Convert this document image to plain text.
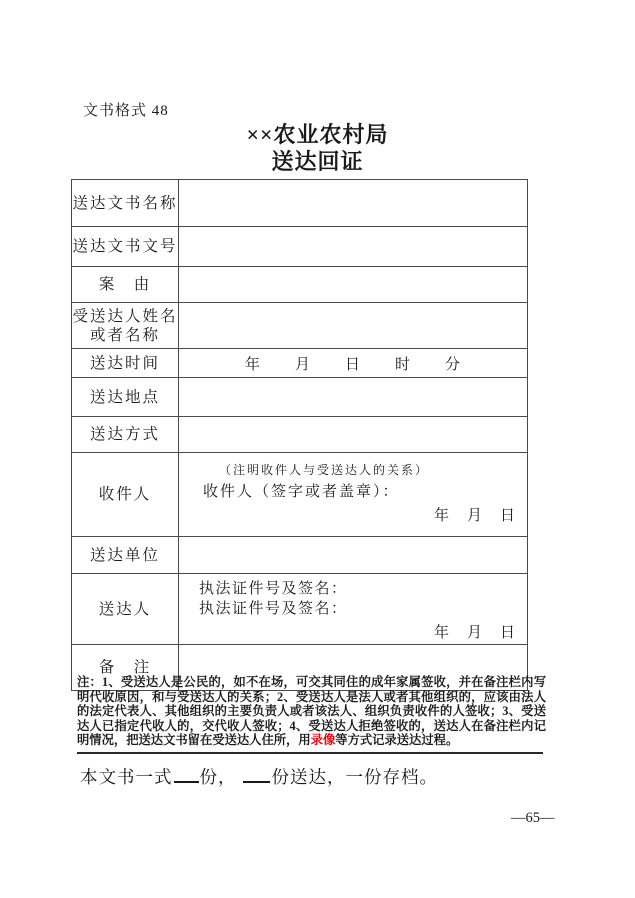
文书格式 48
××农业农村局
送达回证
送达文书名称	
送达文书文号	
案　由	

受送达人姓名
或者名称	

送达时间	年 月 日 时 分
送达地点	
送达方式	
收件人	（注明收件人与受送达人的关系）
收件人（签字或者盖章）：
年 月 日

送达单位	
送达人	执法证件号及签名：
执法证件号及签名：
年 月 日

备　注	
注：1、受送达人是公民的，如不在场，可交其同住的成年家属签收，并在备注栏内写明代收原因，和与受送达人的关系；2、受送达人是法人或者其他组织的，应该由法人的法定代表人、其他组织的主要负责人或者该法人、组织负责收件的人签收；3、受送达人已指定代收人的，交代收人签收；4、受送达人拒绝签收的，送达人在备注栏内记明情况，把送达文书留在受送达人住所，用录像等方式记录送达过程。
本文书一式 份， 份送达，一份存档。
—65—
